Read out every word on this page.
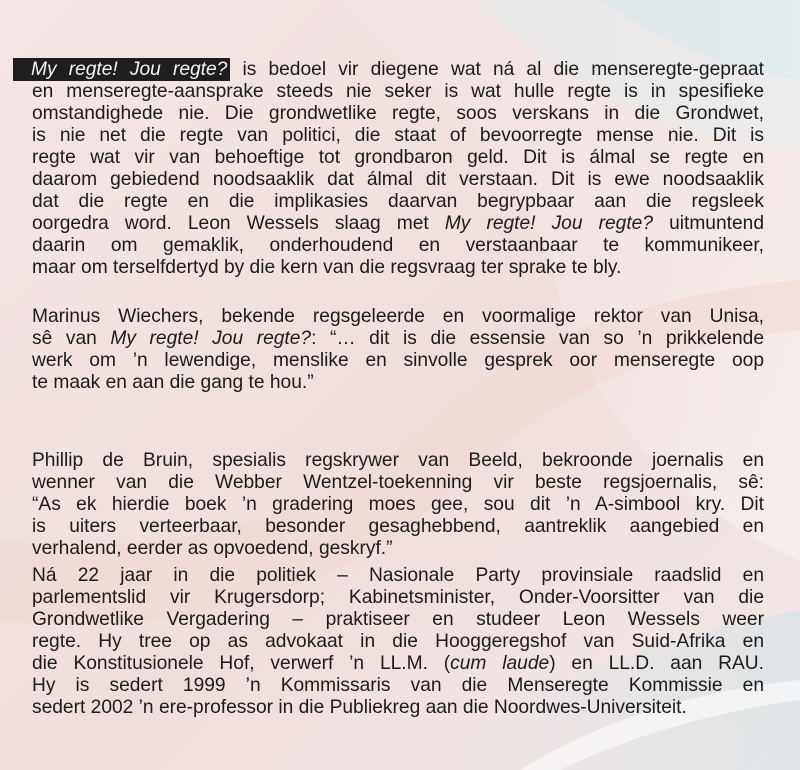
My regte! Jou regte? is bedoel vir diegene wat ná al die menseregte-gepraat
en menseregte-aansprake steeds nie seker is wat hulle regte is in spesifieke
omstandighede nie. Die grondwetlike regte, soos verskans in die Grondwet,
is nie net die regte van politici, die staat of bevoorregte mense nie. Dit is
regte wat vir van behoeftige tot grondbaron geld. Dit is álmal se regte en
daarom gebiedend noodsaaklik dat álmal dit verstaan. Dit is ewe noodsaaklik
dat die regte en die implikasies daarvan begrypbaar aan die regsleek
oorgedra word. Leon Wessels slaag met My regte! Jou regte? uitmuntend
daarin om gemaklik, onderhoudend en verstaanbaar te kommunikeer,
maar om terselfdertyd by die kern van die regsvraag ter sprake te bly.
Marinus Wiechers, bekende regsgeleerde en voormalige rektor van Unisa,
sê van My regte! Jou regte?: “… dit is die essensie van so ’n prikkelende
werk om ’n lewendige, menslike en sinvolle gesprek oor menseregte oop
te maak en aan die gang te hou.”
Phillip de Bruin, spesialis regskrywer van Beeld, bekroonde joernalis en
wenner van die Webber Wentzel-toekenning vir beste regsjoernalis, sê:
“As ek hierdie boek ’n gradering moes gee, sou dit ’n A-simbool kry. Dit
is uiters verteerbaar, besonder gesaghebbend, aantreklik aangebied en
verhalend, eerder as opvoedend, geskryf.”
Ná 22 jaar in die politiek – Nasionale Party provinsiale raadslid en
parlementslid vir Krugersdorp; Kabinetsminister, Onder-Voorsitter van die
Grondwetlike Vergadering – praktiseer en studeer Leon Wessels weer
regte. Hy tree op as advokaat in die Hooggeregshof van Suid-Afrika en
die Konstitusionele Hof, verwerf ’n LL.M. (cum laude) en LL.D. aan RAU.
Hy is sedert 1999 ’n Kommissaris van die Menseregte Kommissie en
sedert 2002 ’n ere-professor in die Publiekreg aan die Noordwes-Universiteit.
